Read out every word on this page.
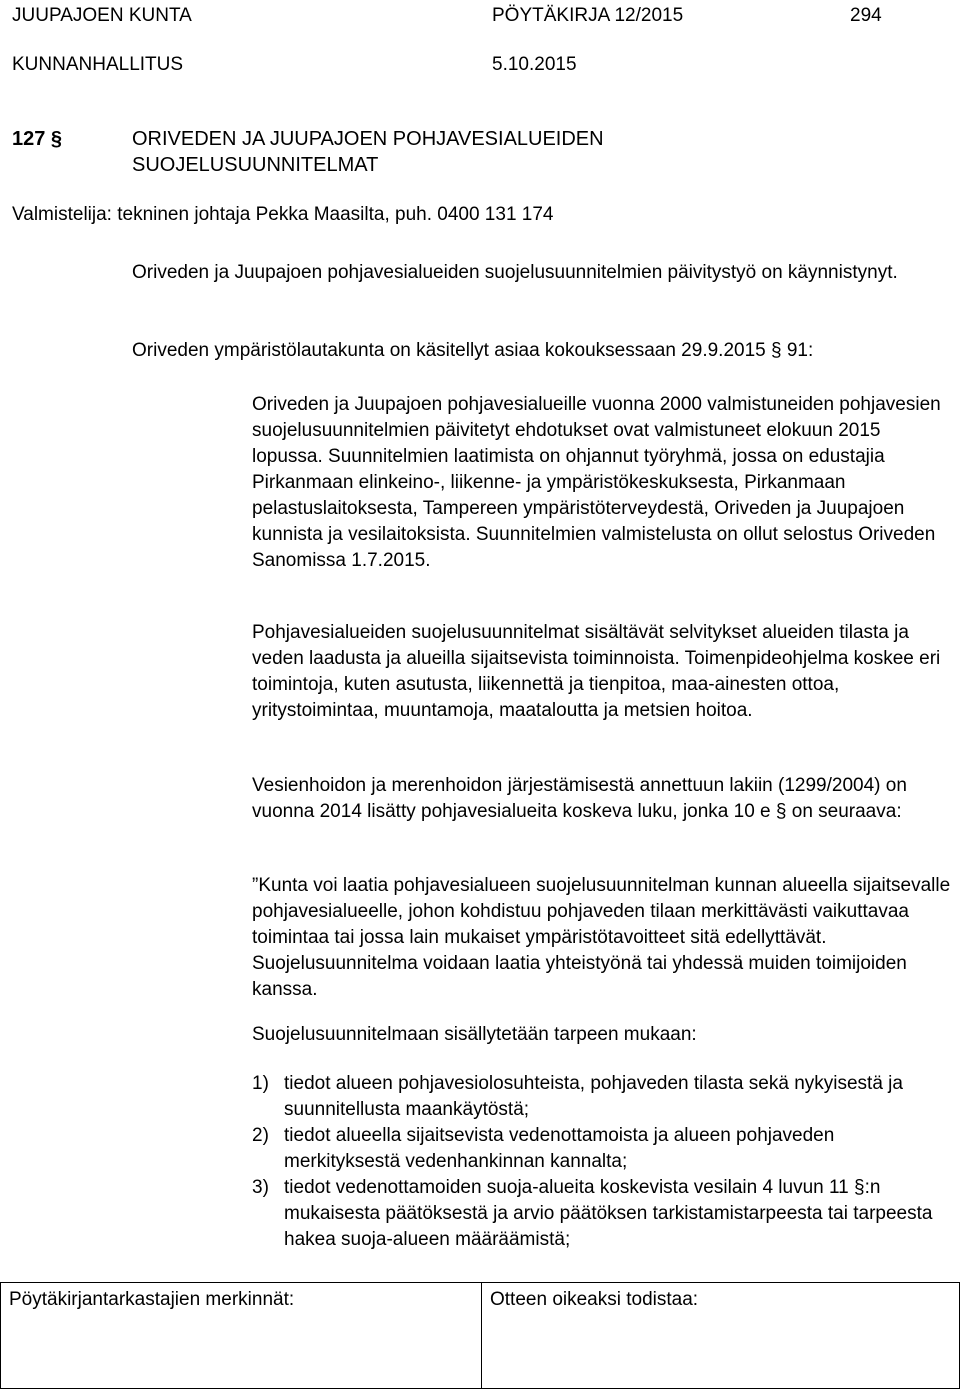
JUUPAJOEN KUNTA	PÖYTÄKIRJA 12/2015	294
KUNNANHALLITUS	5.10.2015
127 §	ORIVEDEN JA JUUPAJOEN POHJAVESIALUEIDEN SUOJELUSUUNNITELMAT
Valmistelija: tekninen johtaja Pekka Maasilta, puh. 0400 131 174

Oriveden ja Juupajoen pohjavesialueiden suojelusuunnitelmien päivitystyö on käynnistynyt.

Oriveden ympäristölautakunta on käsitellyt asiaa kokouksessaan 29.9.2015 § 91:

Oriveden ja Juupajoen pohjavesialueille vuonna 2000 valmistuneiden pohjavesien suojelusuunnitelmien päivitetyt ehdotukset ovat valmistuneet elokuun 2015 lopussa. Suunnitelmien laatimista on ohjannut työryhmä, jossa on edustajia Pirkanmaan elinkeino-, liikenne- ja ympäristökeskuksesta, Pirkanmaan pelastuslaitoksesta, Tampereen ympäristöterveydestä, Oriveden ja Juupajoen kunnista ja vesilaitoksista. Suunnitelmien valmistelusta on ollut selostus Oriveden Sanomissa 1.7.2015.

Pohjavesialueiden suojelusuunnitelmat sisältävät selvitykset alueiden tilasta ja veden laadusta ja alueilla sijaitsevista toiminnoista. Toimenpideohjelma koskee eri toimintoja, kuten asutusta, liikennettä ja tienpitoa, maa-ainesten ottoa, yritystoimintaa, muuntamoja, maataloutta ja metsien hoitoa.

Vesienhoidon ja merenhoidon järjestämisestä annettuun lakiin (1299/2004) on vuonna 2014 lisätty pohjavesialueita koskeva luku, jonka 10 e § on seuraava:

”Kunta voi laatia pohjavesialueen suojelusuunnitelman kunnan alueella sijaitsevalle pohjavesialueelle, johon kohdistuu pohjaveden tilaan merkittävästi vaikuttavaa toimintaa tai jossa lain mukaiset ympäristötavoitteet sitä edellyttävät. Suojelusuunnitelma voidaan laatia yhteistyönä tai yhdessä muiden toimijoiden kanssa.

Suojelusuunnitelmaan sisällytetään tarpeen mukaan:

1) tiedot alueen pohjavesiolosuhteista, pohjaveden tilasta sekä nykyisestä ja suunnitellusta maankäytöstä;
2) tiedot alueella sijaitsevista vedenottamoista ja alueen pohjaveden merkityksestä vedenhankinnan kannalta;
3) tiedot vedenottamoiden suoja-alueita koskevista vesilain 4 luvun 11 §:n mukaisesta päätöksestä ja arvio päätöksen tarkistamistarpeesta tai tarpeesta hakea suoja-alueen määräämistä;
Pöytäkirjantarkastajien merkinnät:	Otteen oikeaksi todistaa:
